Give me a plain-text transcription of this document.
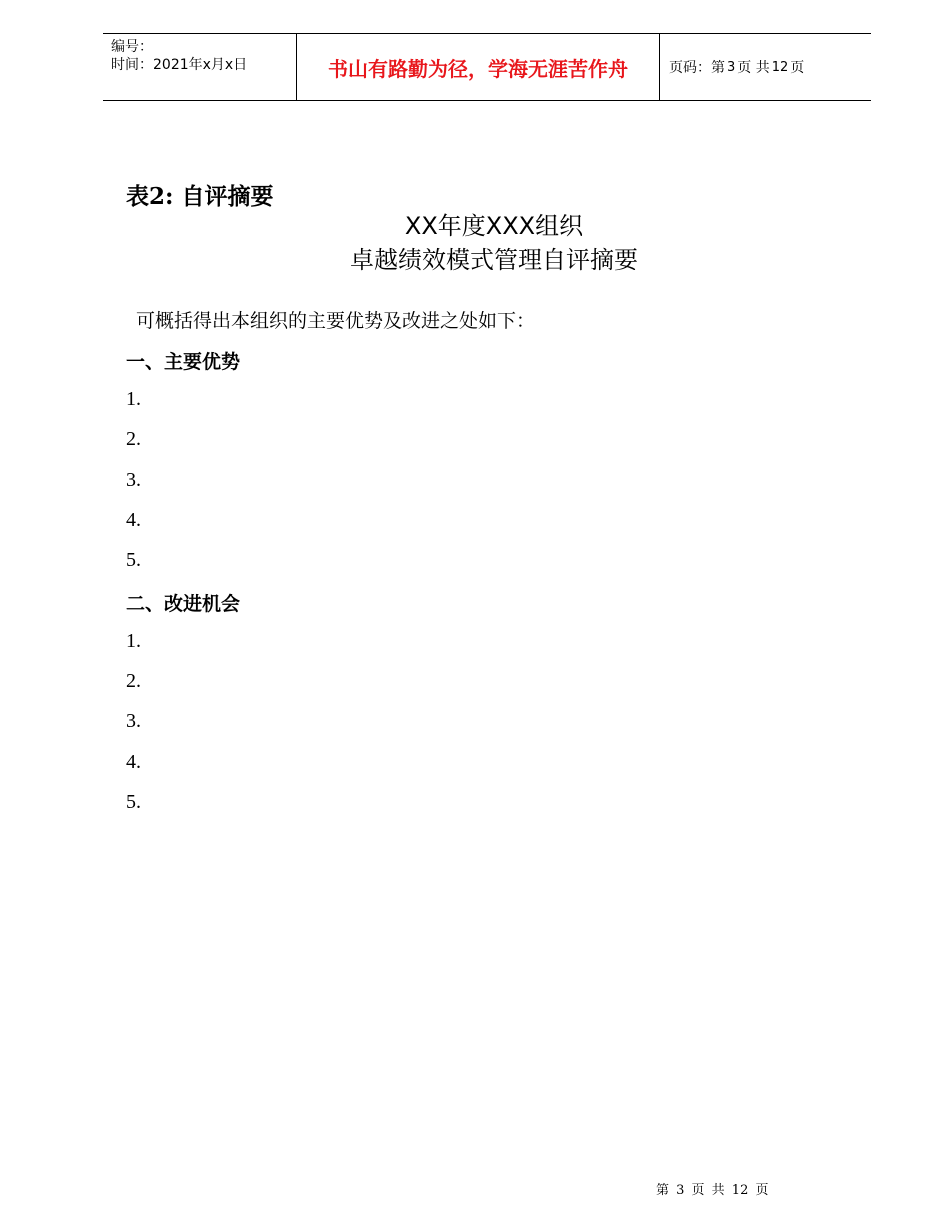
编号：
时间：2021年x月x日	书山有路勤为径，学海无涯苦作舟	页码：第 3 页 共 12 页
表2: 自评摘要
XX年度XXX组织
卓越绩效模式管理自评摘要
可概括得出本组织的主要优势及改进之处如下：
一、主要优势
1.
2.
3.
4.
5.
二、改进机会
1.
2.
3.
4.
5.
第 3 页 共 12 页
